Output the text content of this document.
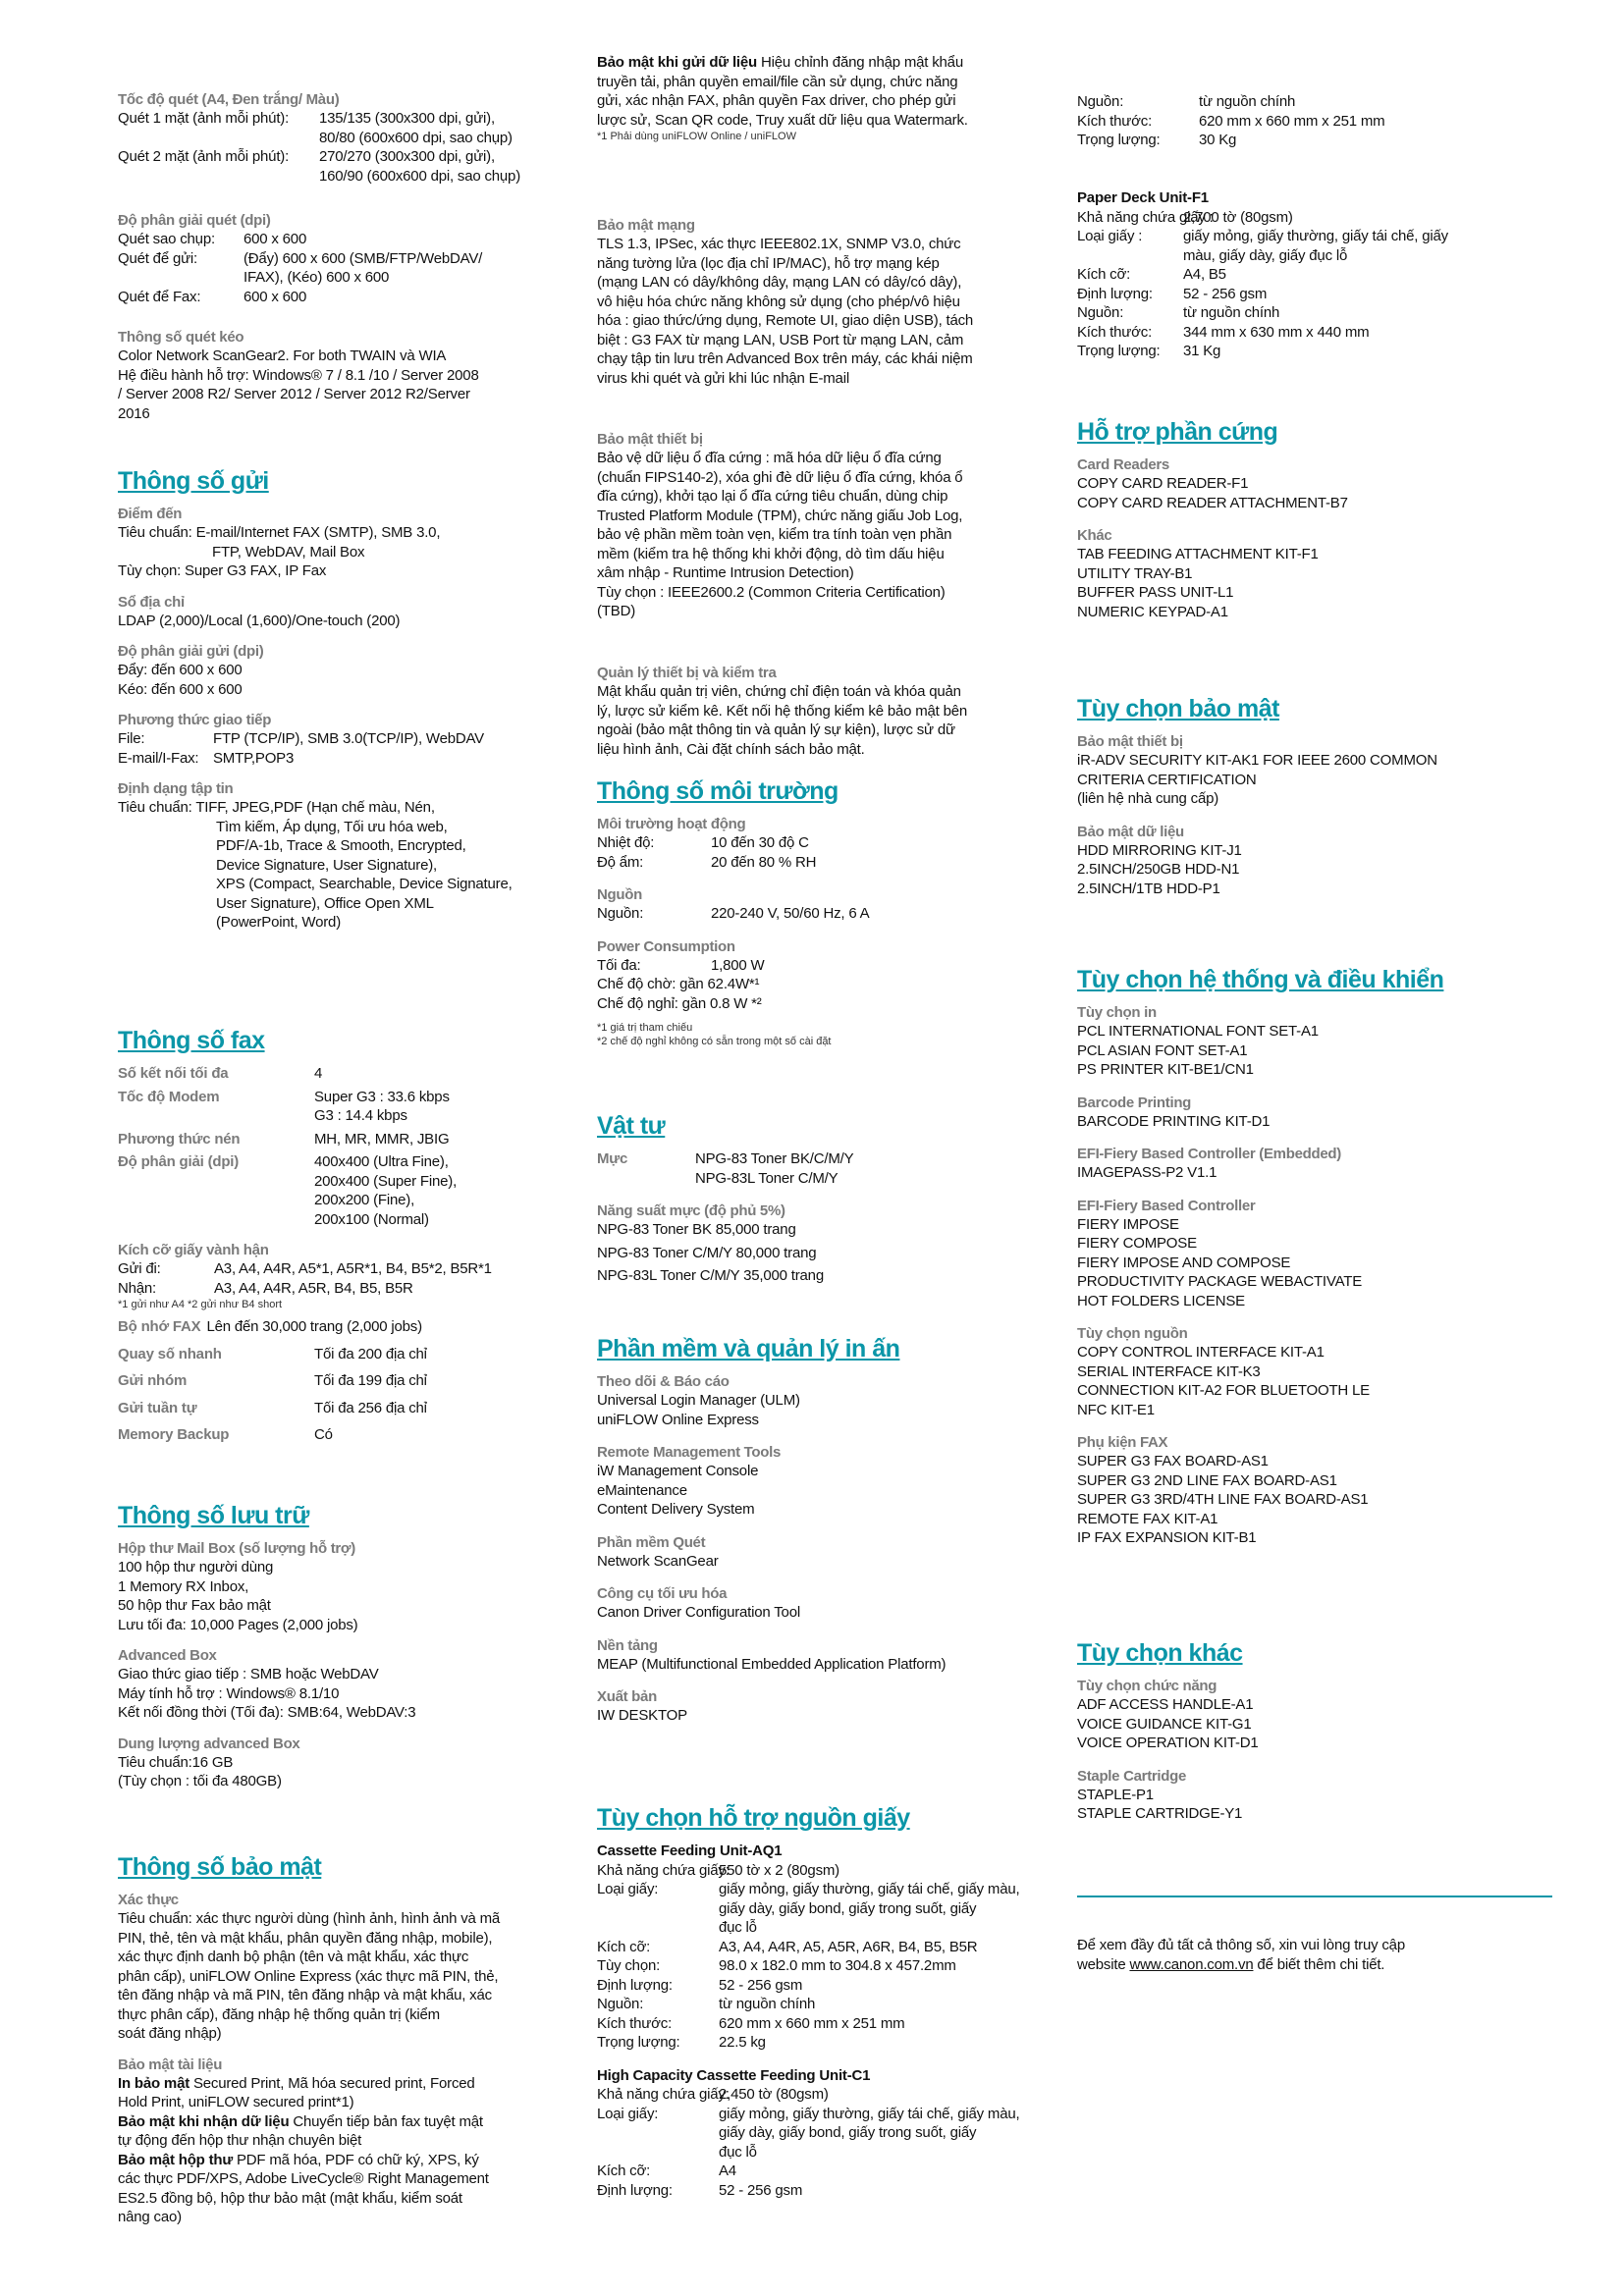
Tốc độ quét (A4, Đen trắng/ Màu)
Quét 1 mặt (ảnh mỗi phút):	135/135 (300x300 dpi, gửi),
80/80 (600x600 dpi, sao chụp)
Quét 2 mặt (ảnh mỗi phút):	270/270 (300x300 dpi, gửi),
160/90 (600x600 dpi, sao chụp)
Độ phân giải quét (dpi)
Quét sao chụp:	600 x 600
Quét để gửi:	(Đẩy) 600 x 600 (SMB/FTP/WebDAV/
IFAX), (Kéo) 600 x 600
Quét để Fax:	600 x 600
Thông số quét kéo
Color Network ScanGear2. For both TWAIN và WIA
Hệ điều hành hỗ trợ: Windows® 7 / 8.1 /10 / Server 2008
/ Server 2008 R2/ Server 2012 / Server 2012 R2/Server
2016
Thông số gửi
Điểm đến
Tiêu chuẩn: E-mail/Internet FAX (SMTP), SMB 3.0,
FTP, WebDAV, Mail Box
Tùy chọn: Super G3 FAX, IP Fax
Sổ địa chỉ
LDAP (2,000)/Local (1,600)/One-touch (200)
Độ phân giải gửi (dpi)
Đẩy: đến 600 x 600
Kéo: đến 600 x 600
Phương thức giao tiếp
File:	FTP (TCP/IP), SMB 3.0(TCP/IP), WebDAV
E-mail/I-Fax: SMTP,POP3
Định dạng tập tin
Tiêu chuẩn: TIFF, JPEG,PDF (Hạn chế màu, Nén,
Tìm kiếm, Áp dụng, Tối ưu hóa web,
PDF/A-1b, Trace & Smooth, Encrypted,
Device Signature, User Signature),
XPS (Compact, Searchable, Device Signature,
User Signature), Office Open XML
(PowerPoint, Word)
Thông số fax
Số kết nối tối đa	4
Tốc độ Modem	Super G3 : 33.6 kbps
G3 : 14.4 kbps
Phương thức nén	MH, MR, MMR, JBIG
Độ phân giải (dpi)	400x400 (Ultra Fine),
200x400 (Super Fine),
200x200 (Fine),
200x100 (Normal)
Kích cỡ giấy vành hận
Gửi đi:	A3, A4, A4R, A5*1, A5R*1, B4, B5*2, B5R*1
Nhận:	A3, A4, A4R, A5R, B4, B5, B5R
*1 gửi như A4 *2 gửi như B4 short
Bộ nhớ FAX Lên đến 30,000 trang (2,000 jobs)
Quay số nhanh	Tối đa 200 địa chỉ
Gửi nhóm	Tối đa 199 địa chỉ
Gửi tuần tự	Tối đa 256 địa chỉ
Memory Backup	Có
Thông số lưu trữ
Hộp thư Mail Box (số lượng hỗ trợ)
100 hộp thư người dùng
1 Memory RX Inbox,
50 hộp thư Fax bảo mật
Lưu tối đa: 10,000 Pages (2,000 jobs)
Advanced Box
Giao thức giao tiếp : SMB hoặc WebDAV
Máy tính hỗ trợ : Windows® 8.1/10
Kết nối đồng thời (Tối đa): SMB:64, WebDAV:3
Dung lượng advanced Box
Tiêu chuẩn:16 GB
(Tùy chọn : tối đa 480GB)
Thông số bảo mật
Xác thực
Tiêu chuẩn: xác thực người dùng (hình ảnh, hình ảnh và mã
PIN, thẻ, tên và mật khẩu, phân quyền đăng nhập, mobile),
xác thực định danh bộ phận (tên và mật khẩu, xác thực
phân cấp), uniFLOW Online Express (xác thực mã PIN, thẻ,
tên đăng nhập và mã PIN, tên đăng nhập và mật khẩu, xác
thực phân cấp), đăng nhập hệ thống quản trị (kiểm
soát đăng nhập)
Bảo mật tài liệu
In bảo mật Secured Print, Mã hóa secured print, Forced
Hold Print, uniFLOW secured print*1)
Bảo mật khi nhận dữ liệu Chuyển tiếp bản fax tuyệt mật
tự động đến hộp thư nhận chuyên biệt
Bảo mật hộp thư PDF mã hóa, PDF có chữ ký, XPS, ký
các thực PDF/XPS, Adobe LiveCycle® Right Management
ES2.5 đồng bộ, hộp thư bảo mật (mật khẩu, kiểm soát
nâng cao)
Bảo mật khi gửi dữ liệu Hiệu chỉnh đăng nhập mật khẩu
truyền tải, phân quyền email/file cần sử dụng, chức năng
gửi, xác nhận FAX, phân quyền Fax driver, cho phép gửi
lược sử, Scan QR code, Truy xuất dữ liệu qua Watermark.
*1 Phải dùng uniFLOW Online / uniFLOW
Bảo mật mạng
TLS 1.3, IPSec, xác thực IEEE802.1X, SNMP V3.0, chức
năng tường lửa (lọc địa chỉ IP/MAC), hỗ trợ mạng kép
(mạng LAN có dây/không dây, mạng LAN có dây/có dây),
vô hiệu hóa chức năng không sử dụng (cho phép/vô hiệu
hóa : giao thức/ứng dụng, Remote UI, giao diện USB), tách
biệt : G3 FAX từ mạng LAN, USB Port từ mạng LAN, cảm
chạy tập tin lưu trên Advanced Box trên máy, các khái niệm
virus khi quét và gửi khi lúc nhận E-mail
Bảo mật thiết bị
Bảo vệ dữ liệu ổ đĩa cứng : mã hóa dữ liệu ổ đĩa cứng
(chuẩn FIPS140-2), xóa ghi đè dữ liệu ổ đĩa cứng, khóa ổ
đĩa cứng), khởi tạo lại ổ đĩa cứng tiêu chuẩn, dùng chip
Trusted Platform Module (TPM), chức năng giấu Job Log,
bảo vệ phần mềm toàn vẹn, kiểm tra tính toàn vẹn phần
mềm (kiểm tra hệ thống khi khởi động, dò tìm dấu hiệu
xâm nhập - Runtime Intrusion Detection)
Tùy chọn : IEEE2600.2 (Common Criteria Certification)
(TBD)
Quản lý thiết bị và kiểm tra
Mật khẩu quản trị viên, chứng chỉ điện toán và khóa quản
lý, lược sử kiểm kê. Kết nối hệ thống kiểm kê bảo mật bên
ngoài (bảo mật thông tin và quản lý sự kiện), lược sử dữ
liệu hình ảnh, Cài đặt chính sách bảo mật.
Thông số môi trường
Môi trường hoạt động
Nhiệt độ:	10 đến 30 độ C
Độ ẩm:	20 đến 80 % RH
Nguồn
Nguồn:	220-240 V, 50/60 Hz, 6 A
Power Consumption
Tối đa:	1,800 W
Chế độ chờ: gần 62.4W*¹
Chế độ nghỉ: gần 0.8 W *²
*1 giá trị tham chiếu
*2 chế độ nghỉ không có sẵn trong một số cài đặt
Vật tư
Mực	NPG-83 Toner BK/C/M/Y
NPG-83L Toner C/M/Y
Năng suất mực (độ phủ 5%)
NPG-83 Toner BK 85,000 trang
NPG-83 Toner C/M/Y 80,000 trang
NPG-83L Toner C/M/Y 35,000 trang
Phần mềm và quản lý in ấn
Theo dõi & Báo cáo
Universal Login Manager (ULM)
uniFLOW Online Express
Remote Management Tools
iW Management Console
eMaintenance
Content Delivery System
Phần mềm Quét
Network ScanGear
Công cụ tối ưu hóa
Canon Driver Configuration Tool
Nền tảng
MEAP (Multifunctional Embedded Application Platform)
Xuất bản
IW DESKTOP
Tùy chọn hỗ trợ nguồn giấy
Cassette Feeding Unit-AQ1
Khả năng chứa giấy:
550 tờ x 2 (80gsm)
Loại giấy:	giấy mỏng, giấy thường, giấy tái chế, giấy màu,
giấy dày, giấy bond, giấy trong suốt, giấy
đục lỗ
Kích cỡ:	A3, A4, A4R, A5, A5R, A6R, B4, B5, B5R
Tùy chọn:	98.0 x 182.0 mm to 304.8 x 457.2mm
Định lượng:	52 - 256 gsm
Nguồn:	từ nguồn chính
Kích thước:	620 mm x 660 mm x 251 mm
Trọng lượng:	22.5 kg
High Capacity Cassette Feeding Unit-C1
Khả năng chứa giấy:
2,450 tờ (80gsm)
Loại giấy:	giấy mỏng, giấy thường, giấy tái chế, giấy màu,
giấy dày, giấy bond, giấy trong suốt, giấy
đục lỗ
Kích cỡ:	A4
Định lượng:	52 - 256 gsm
Nguồn:	từ nguồn chính
Kích thước:	620 mm x 660 mm x 251 mm
Trọng lượng:	30 Kg
Paper Deck Unit-F1
Khả năng chứa giấy :
2,700 tờ (80gsm)
Loại giấy :	giấy mỏng, giấy thường, giấy tái chế, giấy
màu, giấy dày, giấy đục lỗ
Kích cỡ:	A4, B5
Định lượng:	52 - 256 gsm
Nguồn:	từ nguồn chính
Kích thước:	344 mm x 630 mm x 440 mm
Trọng lượng:	31 Kg
Hỗ trợ phần cứng
Card Readers
COPY CARD READER-F1
COPY CARD READER ATTACHMENT-B7
Khác
TAB FEEDING ATTACHMENT KIT-F1
UTILITY TRAY-B1
BUFFER PASS UNIT-L1
NUMERIC KEYPAD-A1
Tùy chọn bảo mật
Bảo mật thiết bị
iR-ADV SECURITY KIT-AK1 FOR IEEE 2600 COMMON
CRITERIA CERTIFICATION
(liên hệ nhà cung cấp)
Bảo mật dữ liệu
HDD MIRRORING KIT-J1
2.5INCH/250GB HDD-N1
2.5INCH/1TB HDD-P1
Tùy chọn hệ thống và điều khiển
Tùy chọn in
PCL INTERNATIONAL FONT SET-A1
PCL ASIAN FONT SET-A1
PS PRINTER KIT-BE1/CN1
Barcode Printing
BARCODE PRINTING KIT-D1
EFI-Fiery Based Controller (Embedded)
IMAGEPASS-P2 V1.1
EFI-Fiery Based Controller
FIERY IMPOSE
FIERY COMPOSE
FIERY IMPOSE AND COMPOSE
PRODUCTIVITY PACKAGE WEBACTIVATE
HOT FOLDERS LICENSE
Tùy chọn nguồn
COPY CONTROL INTERFACE KIT-A1
SERIAL INTERFACE KIT-K3
CONNECTION KIT-A2 FOR BLUETOOTH LE
NFC KIT-E1
Phụ kiện FAX
SUPER G3 FAX BOARD-AS1
SUPER G3 2ND LINE FAX BOARD-AS1
SUPER G3 3RD/4TH LINE FAX BOARD-AS1
REMOTE FAX KIT-A1
IP FAX EXPANSION KIT-B1
Tùy chọn khác
Tùy chọn chức năng
ADF ACCESS HANDLE-A1
VOICE GUIDANCE KIT-G1
VOICE OPERATION KIT-D1
Staple Cartridge
STAPLE-P1
STAPLE CARTRIDGE-Y1
Để xem đầy đủ tất cả thông số, xin vui lòng truy cập
website www.canon.com.vn để biết thêm chi tiết.
